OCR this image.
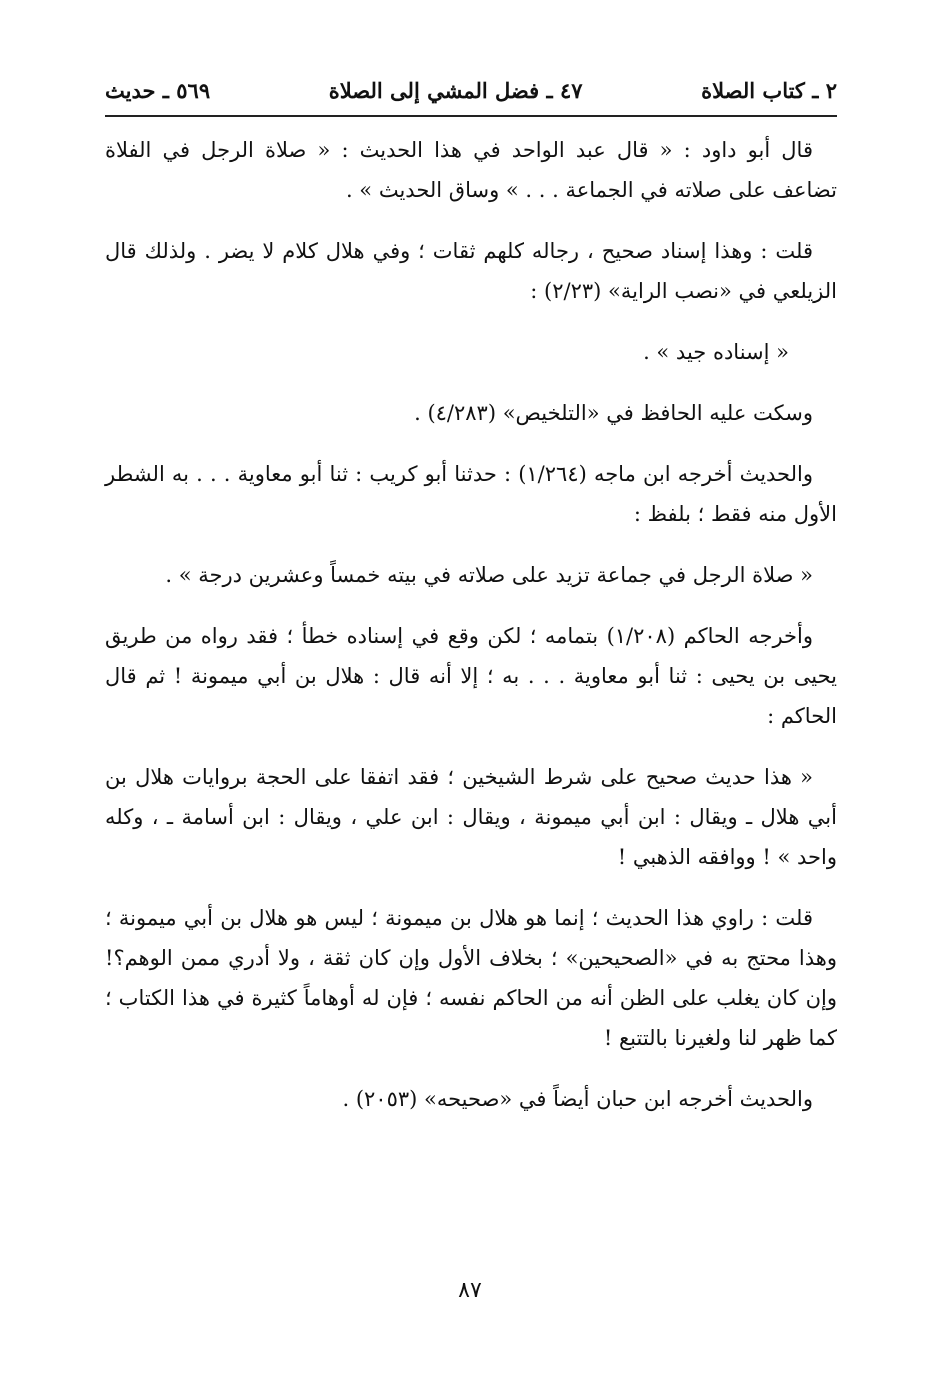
٢ ـ كتاب الصلاة
٤٧ ـ فضل المشي إلى الصلاة
٥٦٩ ـ حديث

قال أبو داود : « قال عبد الواحد في هذا الحديث : « صلاة الرجل في الفلاة تضاعف على صلاته في الجماعة . . . » وساق الحديث » .

قلت : وهذا إسناد صحيح ، رجاله كلهم ثقات ؛ وفي هلال كلام لا يضر . ولذلك قال الزيلعي في «نصب الراية» (٢/٢٣) :

« إسناده جيد » .

وسكت عليه الحافظ في «التلخيص» (٤/٢٨٣) .

والحديث أخرجه ابن ماجه (١/٢٦٤) : حدثنا أبو كريب : ثنا أبو معاوية . . . به الشطر الأول منه فقط ؛ بلفظ :

« صلاة الرجل في جماعة تزيد على صلاته في بيته خمساً وعشرين درجة » .

وأخرجه الحاكم (١/٢٠٨) بتمامه ؛ لكن وقع في إسناده خطأ ؛ فقد رواه من طريق يحيى بن يحيى : ثنا أبو معاوية . . . به ؛ إلا أنه قال : هلال بن أبي ميمونة ! ثم قال الحاكم :

« هذا حديث صحيح على شرط الشيخين ؛ فقد اتفقا على الحجة بروايات هلال بن أبي هلال ـ ويقال : ابن أبي ميمونة ، ويقال : ابن علي ، ويقال : ابن أسامة ـ ، وكله واحد » ! ووافقه الذهبي !

قلت : راوي هذا الحديث ؛ إنما هو هلال بن ميمونة ؛ ليس هو هلال بن أبي ميمونة ؛ وهذا محتج به في «الصحيحين» ؛ بخلاف الأول وإن كان ثقة ، ولا أدري ممن الوهم؟! وإن كان يغلب على الظن أنه من الحاكم نفسه ؛ فإن له أوهاماً كثيرة في هذا الكتاب ؛ كما ظهر لنا ولغيرنا بالتتبع !

والحديث أخرجه ابن حبان أيضاً في «صحيحه» (٢٠٥٣) .

٨٧
